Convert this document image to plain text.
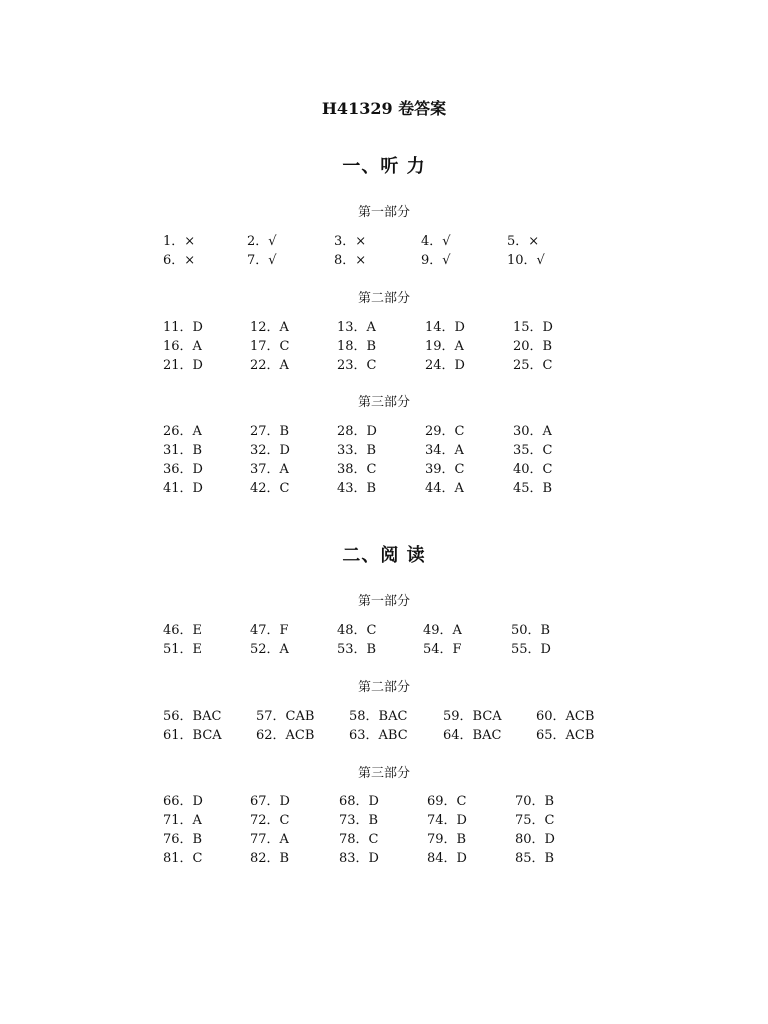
H41329 卷答案
一、听 力
第一部分
1．×	2．√	3．×	4．√	5．×
6．×	7．√	8．×	9．√	10．√
第二部分
11．D	12．A	13．A	14．D	15．D
16．A	17．C	18．B	19．A	20．B
21．D	22．A	23．C	24．D	25．C
第三部分
26．A	27．B	28．D	29．C	30．A
31．B	32．D	33．B	34．A	35．C
36．D	37．A	38．C	39．C	40．C
41．D	42．C	43．B	44．A	45．B
二、阅 读
第一部分
46．E	47．F	48．C	49．A	50．B
51．E	52．A	53．B	54．F	55．D
第二部分
56．BAC	57．CAB	58．BAC	59．BCA	60．ACB
61．BCA	62．ACB	63．ABC	64．BAC	65．ACB
第三部分
66．D	67．D	68．D	69．C	70．B
71．A	72．C	73．B	74．D	75．C
76．B	77．A	78．C	79．B	80．D
81．C	82．B	83．D	84．D	85．B
